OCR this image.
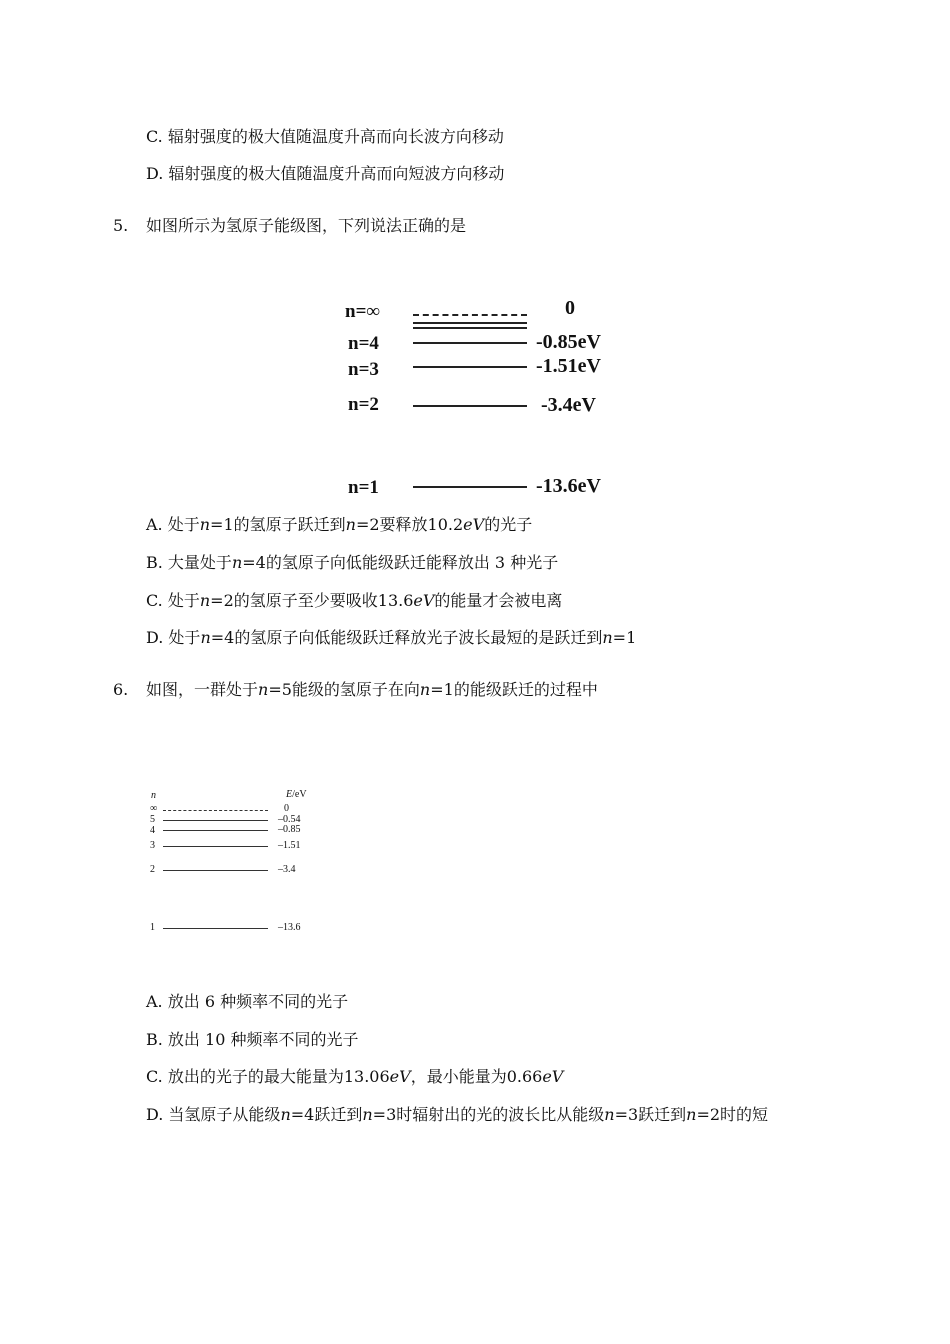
C. 辐射强度的极大值随温度升高而向长波方向移动
D. 辐射强度的极大值随温度升高而向短波方向移动
5. 如图所示为氢原子能级图，下列说法正确的是
n=∞	0
n=4	-0.85eV
n=3	-1.51eV
n=2	-3.4eV
n=1	-13.6eV
A. 处于n=1的氢原子跃迁到n=2要释放10.2eV的光子
B. 大量处于n=4的氢原子向低能级跃迁能释放出 3 种光子
C. 处于n=2的氢原子至少要吸收13.6eV的能量才会被电离
D. 处于n=4的氢原子向低能级跃迁释放光子波长最短的是跃迁到n=1
6. 如图，一群处于n=5能级的氢原子在向n=1的能级跃迁的过程中
n	E/eV
∞	0
5	–0.54
4	–0.85
3	–1.51
2	–3.4
1	–13.6
A. 放出 6 种频率不同的光子
B. 放出 10 种频率不同的光子
C. 放出的光子的最大能量为13.06eV，最小能量为0.66eV
D. 当氢原子从能级n=4跃迁到n=3时辐射出的光的波长比从能级n=3跃迁到n=2时的短
